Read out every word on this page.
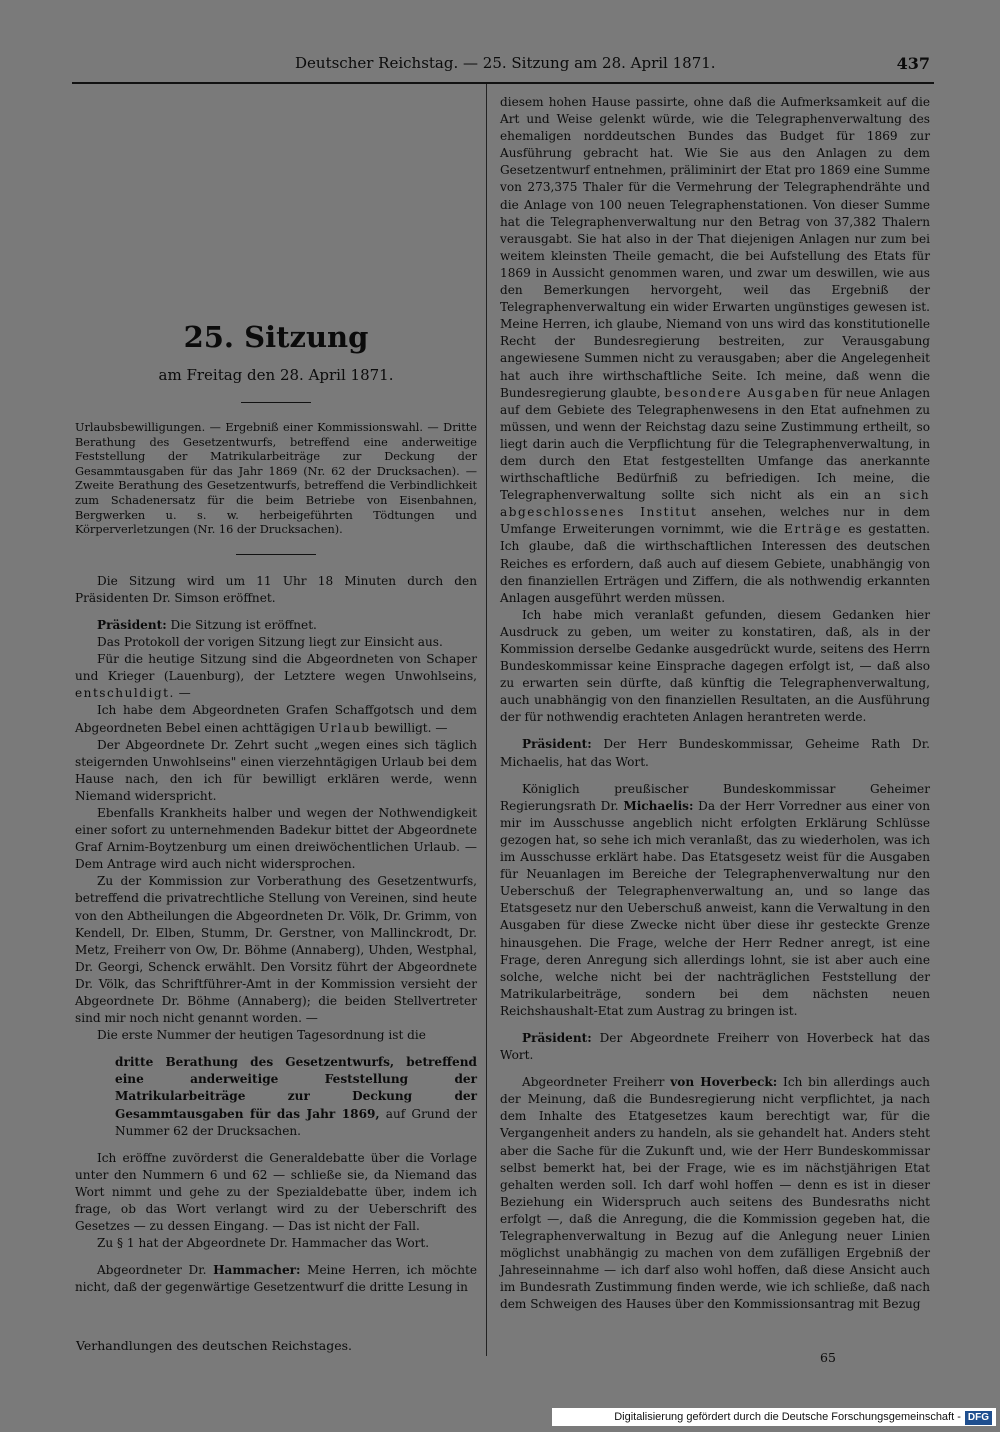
Deutscher Reichstag. — 25. Sitzung am 28. April 1871.	437
25. Sitzung
am Freitag den 28. April 1871.

Urlaubsbewilligungen. — Ergebniß einer Kommissionswahl. — Dritte Berathung des Gesetzentwurfs, betreffend eine anderweitige Feststellung der Matrikularbeiträge zur Deckung der Gesammtausgaben für das Jahr 1869 (Nr. 62 der Drucksachen). — Zweite Berathung des Gesetzentwurfs, betreffend die Verbindlichkeit zum Schadenersatz für die beim Betriebe von Eisenbahnen, Bergwerken u. s. w. herbeigeführten Tödtungen und Körperverletzungen (Nr. 16 der Drucksachen).

Die Sitzung wird um 11 Uhr 18 Minuten durch den Präsidenten Dr. Simson eröffnet.

Präsident: Die Sitzung ist eröffnet.

Das Protokoll der vorigen Sitzung liegt zur Einsicht aus.

Für die heutige Sitzung sind die Abgeordneten von Schaper und Krieger (Lauenburg), der Letztere wegen Unwohlseins, entschuldigt. —

Ich habe dem Abgeordneten Grafen Schaffgotsch und dem Abgeordneten Bebel einen achttägigen Urlaub bewilligt. —

Der Abgeordnete Dr. Zehrt sucht „wegen eines sich täglich steigernden Unwohlseins" einen vierzehntägigen Urlaub bei dem Hause nach, den ich für bewilligt erklären werde, wenn Niemand widerspricht.

Ebenfalls Krankheits halber und wegen der Nothwendigkeit einer sofort zu unternehmenden Badekur bittet der Abgeordnete Graf Arnim-Boytzenburg um einen dreiwöchentlichen Urlaub. — Dem Antrage wird auch nicht widersprochen.

Zu der Kommission zur Vorberathung des Gesetzentwurfs, betreffend die privatrechtliche Stellung von Vereinen, sind heute von den Abtheilungen die Abgeordneten Dr. Völk, Dr. Grimm, von Kendell, Dr. Elben, Stumm, Dr. Gerstner, von Mallinckrodt, Dr. Metz, Freiherr von Ow, Dr. Böhme (Annaberg), Uhden, Westphal, Dr. Georgi, Schenck erwählt. Den Vorsitz führt der Abgeordnete Dr. Völk, das Schriftführer-Amt in der Kommission versieht der Abgeordnete Dr. Böhme (Annaberg); die beiden Stellvertreter sind mir noch nicht genannt worden. —

Die erste Nummer der heutigen Tagesordnung ist die

dritte Berathung des Gesetzentwurfs, betreffend eine anderweitige Feststellung der Matrikularbeiträge zur Deckung der Gesammtausgaben für das Jahr 1869, auf Grund der Nummer 62 der Drucksachen.

Ich eröffne zuvörderst die Generaldebatte über die Vorlage unter den Nummern 6 und 62 — schließe sie, da Niemand das Wort nimmt und gehe zu der Spezialdebatte über, indem ich frage, ob das Wort verlangt wird zu der Ueberschrift des Gesetzes — zu dessen Eingang. — Das ist nicht der Fall.

Zu § 1 hat der Abgeordnete Dr. Hammacher das Wort.

Abgeordneter Dr. Hammacher: Meine Herren, ich möchte nicht, daß der gegenwärtige Gesetzentwurf die dritte Lesung in

Verhandlungen des deutschen Reichstages.

diesem hohen Hause passirte, ohne daß die Aufmerksamkeit auf die Art und Weise gelenkt würde, wie die Telegraphenverwaltung des ehemaligen norddeutschen Bundes das Budget für 1869 zur Ausführung gebracht hat. Wie Sie aus den Anlagen zu dem Gesetzentwurf entnehmen, präliminirt der Etat pro 1869 eine Summe von 273,375 Thaler für die Vermehrung der Telegraphendrähte und die Anlage von 100 neuen Telegraphenstationen. Von dieser Summe hat die Telegraphenverwaltung nur den Betrag von 37,382 Thalern verausgabt. Sie hat also in der That diejenigen Anlagen nur zum bei weitem kleinsten Theile gemacht, die bei Aufstellung des Etats für 1869 in Aussicht genommen waren, und zwar um deswillen, wie aus den Bemerkungen hervorgeht, weil das Ergebniß der Telegraphenverwaltung ein wider Erwarten ungünstiges gewesen ist. Meine Herren, ich glaube, Niemand von uns wird das konstitutionelle Recht der Bundesregierung bestreiten, zur Verausgabung angewiesene Summen nicht zu verausgaben; aber die Angelegenheit hat auch ihre wirthschaftliche Seite. Ich meine, daß wenn die Bundesregierung glaubte, besondere Ausgaben für neue Anlagen auf dem Gebiete des Telegraphenwesens in den Etat aufnehmen zu müssen, und wenn der Reichstag dazu seine Zustimmung ertheilt, so liegt darin auch die Verpflichtung für die Telegraphenverwaltung, in dem durch den Etat festgestellten Umfange das anerkannte wirthschaftliche Bedürfniß zu befriedigen. Ich meine, die Telegraphenverwaltung sollte sich nicht als ein an sich abgeschlossenes Institut ansehen, welches nur in dem Umfange Erweiterungen vornimmt, wie die Erträge es gestatten. Ich glaube, daß die wirthschaftlichen Interessen des deutschen Reiches es erfordern, daß auch auf diesem Gebiete, unabhängig von den finanziellen Erträgen und Ziffern, die als nothwendig erkannten Anlagen ausgeführt werden müssen.

Ich habe mich veranlaßt gefunden, diesem Gedanken hier Ausdruck zu geben, um weiter zu konstatiren, daß, als in der Kommission derselbe Gedanke ausgedrückt wurde, seitens des Herrn Bundeskommissar keine Einsprache dagegen erfolgt ist, — daß also zu erwarten sein dürfte, daß künftig die Telegraphenverwaltung, auch unabhängig von den finanziellen Resultaten, an die Ausführung der für nothwendig erachteten Anlagen herantreten werde.

Präsident: Der Herr Bundeskommissar, Geheime Rath Dr. Michaelis, hat das Wort.

Königlich preußischer Bundeskommissar Geheimer Regierungsrath Dr. Michaelis: Da der Herr Vorredner aus einer von mir im Ausschusse angeblich nicht erfolgten Erklärung Schlüsse gezogen hat, so sehe ich mich veranlaßt, das zu wiederholen, was ich im Ausschusse erklärt habe. Das Etatsgesetz weist für die Ausgaben für Neuanlagen im Bereiche der Telegraphenverwaltung nur den Ueberschuß der Telegraphenverwaltung an, und so lange das Etatsgesetz nur den Ueberschuß anweist, kann die Verwaltung in den Ausgaben für diese Zwecke nicht über diese ihr gesteckte Grenze hinausgehen. Die Frage, welche der Herr Redner anregt, ist eine Frage, deren Anregung sich allerdings lohnt, sie ist aber auch eine solche, welche nicht bei der nachträglichen Feststellung der Matrikularbeiträge, sondern bei dem nächsten neuen Reichshaushalt-Etat zum Austrag zu bringen ist.

Präsident: Der Abgeordnete Freiherr von Hoverbeck hat das Wort.

Abgeordneter Freiherr von Hoverbeck: Ich bin allerdings auch der Meinung, daß die Bundesregierung nicht verpflichtet, ja nach dem Inhalte des Etatgesetzes kaum berechtigt war, für die Vergangenheit anders zu handeln, als sie gehandelt hat. Anders steht aber die Sache für die Zukunft und, wie der Herr Bundeskommissar selbst bemerkt hat, bei der Frage, wie es im nächstjährigen Etat gehalten werden soll. Ich darf wohl hoffen — denn es ist in dieser Beziehung ein Widerspruch auch seitens des Bundesraths nicht erfolgt —, daß die Anregung, die die Kommission gegeben hat, die Telegraphenverwaltung in Bezug auf die Anlegung neuer Linien möglichst unabhängig zu machen von dem zufälligen Ergebniß der Jahreseinnahme — ich darf also wohl hoffen, daß diese Ansicht auch im Bundesrath Zustimmung finden werde, wie ich schließe, daß nach dem Schweigen des Hauses über den Kommissionsantrag mit Bezug

65
Digitalisierung gefördert durch die Deutsche Forschungsgemeinschaft - DFG
